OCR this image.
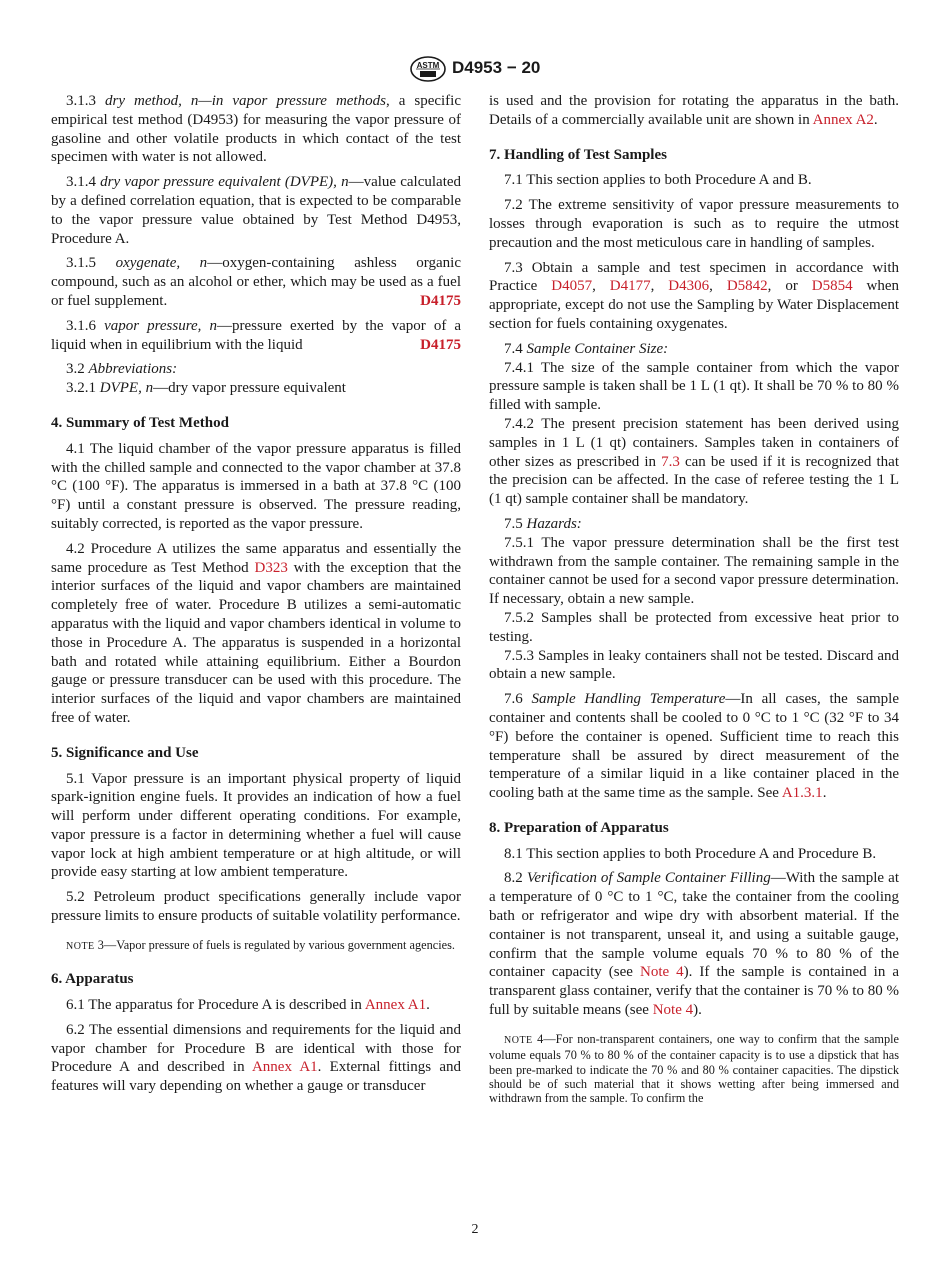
ASTM D4953 − 20

3.1.3 dry method, n—in vapor pressure methods, a specific empirical test method (D4953) for measuring the vapor pressure of gasoline and other volatile products in which contact of the test specimen with water is not allowed.

3.1.4 dry vapor pressure equivalent (DVPE), n—value calculated by a defined correlation equation, that is expected to be comparable to the vapor pressure value obtained by Test Method D4953, Procedure A.

3.1.5 oxygenate, n—oxygen-containing ashless organic compound, such as an alcohol or ether, which may be used as a fuel or fuel supplement.	D4175

3.1.6 vapor pressure, n—pressure exerted by the vapor of a liquid when in equilibrium with the liquid	D4175

3.2 Abbreviations:

3.2.1 DVPE, n—dry vapor pressure equivalent

4. Summary of Test Method

4.1 The liquid chamber of the vapor pressure apparatus is filled with the chilled sample and connected to the vapor chamber at 37.8 °C (100 °F). The apparatus is immersed in a bath at 37.8 °C (100 °F) until a constant pressure is observed. The pressure reading, suitably corrected, is reported as the vapor pressure.

4.2 Procedure A utilizes the same apparatus and essentially the same procedure as Test Method D323 with the exception that the interior surfaces of the liquid and vapor chambers are maintained completely free of water. Procedure B utilizes a semi-automatic apparatus with the liquid and vapor chambers identical in volume to those in Procedure A. The apparatus is suspended in a horizontal bath and rotated while attaining equilibrium. Either a Bourdon gauge or pressure transducer can be used with this procedure. The interior surfaces of the liquid and vapor chambers are maintained free of water.

5. Significance and Use

5.1 Vapor pressure is an important physical property of liquid spark-ignition engine fuels. It provides an indication of how a fuel will perform under different operating conditions. For example, vapor pressure is a factor in determining whether a fuel will cause vapor lock at high ambient temperature or at high altitude, or will provide easy starting at low ambient temperature.

5.2 Petroleum product specifications generally include vapor pressure limits to ensure products of suitable volatility performance.

NOTE 3—Vapor pressure of fuels is regulated by various government agencies.
6. Apparatus

6.1 The apparatus for Procedure A is described in Annex A1.

6.2 The essential dimensions and requirements for the liquid and vapor chamber for Procedure B are identical with those for Procedure A and described in Annex A1. External fittings and features will vary depending on whether a gauge or transducer

is used and the provision for rotating the apparatus in the bath. Details of a commercially available unit are shown in Annex A2.

7. Handling of Test Samples

7.1 This section applies to both Procedure A and B.

7.2 The extreme sensitivity of vapor pressure measurements to losses through evaporation is such as to require the utmost precaution and the most meticulous care in handling of samples.

7.3 Obtain a sample and test specimen in accordance with Practice D4057, D4177, D4306, D5842, or D5854 when appropriate, except do not use the Sampling by Water Displacement section for fuels containing oxygenates.

7.4 Sample Container Size:

7.4.1 The size of the sample container from which the vapor pressure sample is taken shall be 1 L (1 qt). It shall be 70 % to 80 % filled with sample.

7.4.2 The present precision statement has been derived using samples in 1 L (1 qt) containers. Samples taken in containers of other sizes as prescribed in 7.3 can be used if it is recognized that the precision can be affected. In the case of referee testing the 1 L (1 qt) sample container shall be mandatory.

7.5 Hazards:

7.5.1 The vapor pressure determination shall be the first test withdrawn from the sample container. The remaining sample in the container cannot be used for a second vapor pressure determination. If necessary, obtain a new sample.

7.5.2 Samples shall be protected from excessive heat prior to testing.

7.5.3 Samples in leaky containers shall not be tested. Discard and obtain a new sample.

7.6 Sample Handling Temperature—In all cases, the sample container and contents shall be cooled to 0 °C to 1 °C (32 °F to 34 °F) before the container is opened. Sufficient time to reach this temperature shall be assured by direct measurement of the temperature of a similar liquid in a like container placed in the cooling bath at the same time as the sample. See A1.3.1.

8. Preparation of Apparatus

8.1 This section applies to both Procedure A and Procedure B.

8.2 Verification of Sample Container Filling—With the sample at a temperature of 0 °C to 1 °C, take the container from the cooling bath or refrigerator and wipe dry with absorbent material. If the container is not transparent, unseal it, and using a suitable gauge, confirm that the sample volume equals 70 % to 80 % of the container capacity (see Note 4). If the sample is contained in a transparent glass container, verify that the container is 70 % to 80 % full by suitable means (see Note 4).

NOTE 4—For non-transparent containers, one way to confirm that the sample volume equals 70 % to 80 % of the container capacity is to use a dipstick that has been pre-marked to indicate the 70 % and 80 % container capacities. The dipstick should be of such material that it shows wetting after being immersed and withdrawn from the sample. To confirm the
2
